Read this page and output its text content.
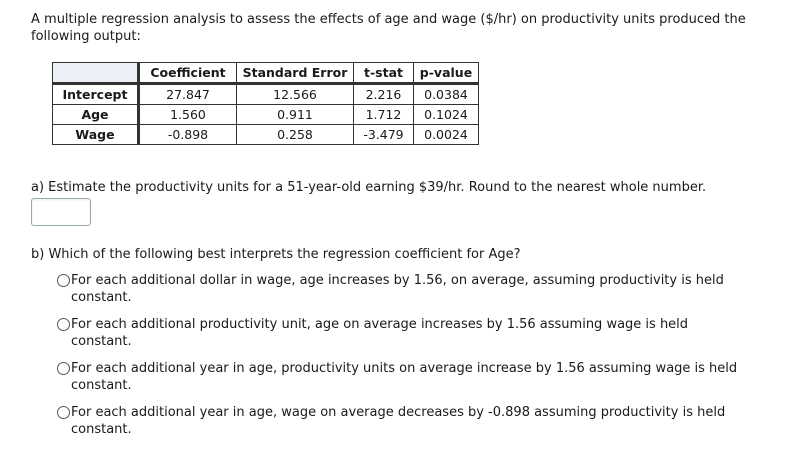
A multiple regression analysis to assess the effects of age and wage ($/hr) on productivity units produced the following output:
	Coefficient	Standard Error	t-stat	p-value
Intercept	27.847	12.566	2.216	0.0384
Age	1.560	0.911	1.712	0.1024
Wage	-0.898	0.258	-3.479	0.0024
a) Estimate the productivity units for a 51-year-old earning $39/hr. Round to the nearest whole number.
b) Which of the following best interprets the regression coefficient for Age?
For each additional dollar in wage, age increases by 1.56, on average, assuming productivity is held
constant.
For each additional productivity unit, age on average increases by 1.56 assuming wage is held
constant.
For each additional year in age, productivity units on average increase by 1.56 assuming wage is held
constant.
For each additional year in age, wage on average decreases by -0.898 assuming productivity is held
constant.
